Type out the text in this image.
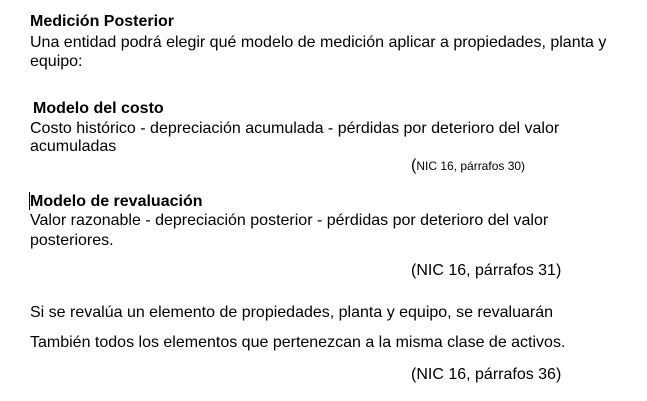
Medición Posterior
Una entidad podrá elegir qué modelo de medición aplicar a propiedades, planta y
equipo:
Modelo del costo
Costo histórico - depreciación acumulada - pérdidas por deterioro del valor
acumuladas
(NIC 16, párrafos 30)
Modelo de revaluación
Valor razonable - depreciación posterior - pérdidas por deterioro del valor
posteriores.
(NIC 16, párrafos 31)
Si se revalúa un elemento de propiedades, planta y equipo, se revaluarán
También todos los elementos que pertenezcan a la misma clase de activos.
(NIC 16, párrafos 36)
